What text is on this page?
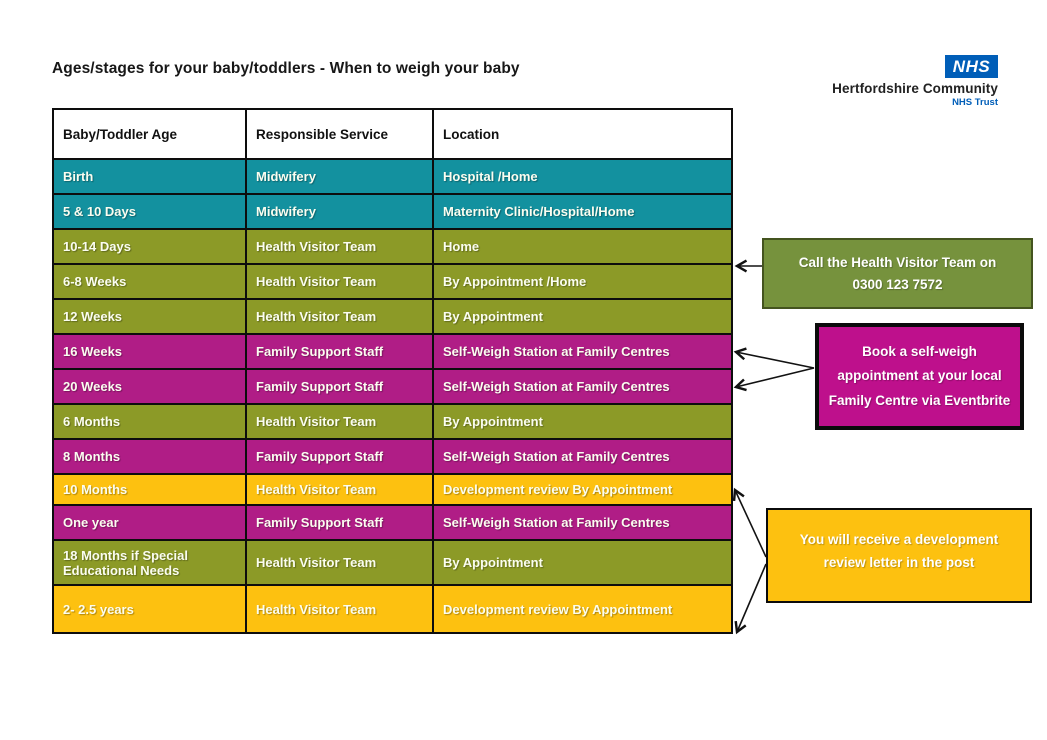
Ages/stages for your baby/toddlers - When to weigh your baby	NHS
Hertfordshire Community
NHS Trust
Baby/Toddler Age	Responsible Service	Location
Birth	Midwifery	Hospital /Home
5 & 10 Days	Midwifery	Maternity Clinic/Hospital/Home
10-14 Days	Health Visitor Team	Home
6-8 Weeks	Health Visitor Team	By Appointment /Home
12 Weeks	Health Visitor Team	By Appointment
16 Weeks	Family Support Staff	Self-Weigh Station at Family Centres
20 Weeks	Family Support Staff	Self-Weigh Station at Family Centres
6 Months	Health Visitor Team	By Appointment
8 Months	Family Support Staff	Self-Weigh Station at Family Centres
10 Months	Health Visitor Team	Development review By Appointment
One year	Family Support Staff	Self-Weigh Station at Family Centres
18 Months if Special Educational Needs	Health Visitor Team	By Appointment
2- 2.5 years	Health Visitor Team	Development review By Appointment
Call the Health Visitor Team on 0300 123 7572
Book a self-weigh appointment at your local Family Centre via Eventbrite
You will receive a development review letter in the post
